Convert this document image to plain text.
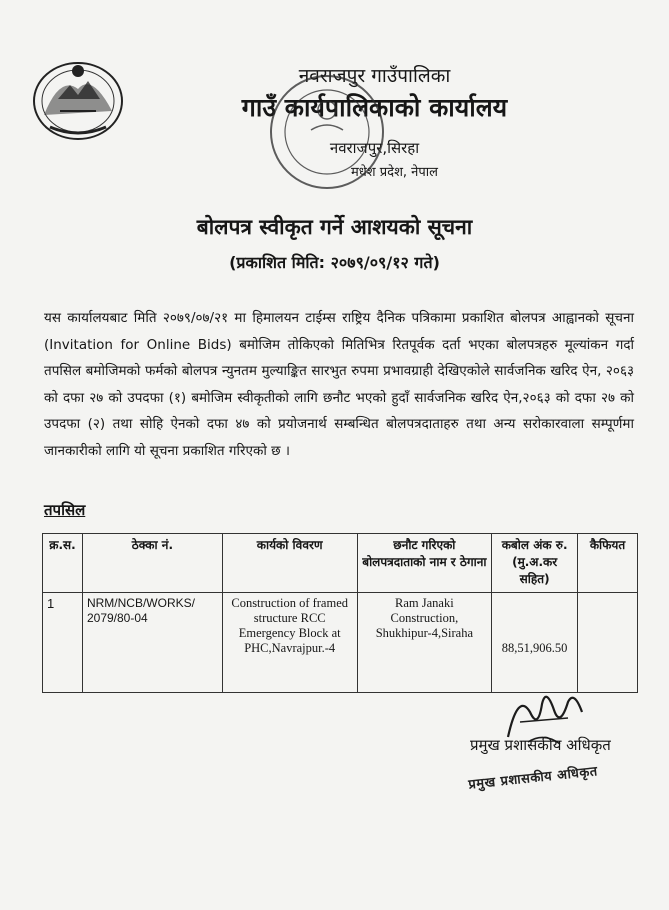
नवराजपुर गाउँपालिका
गाउँ कार्यपालिकाको कार्यालय
नवराजपुर,सिरहा
मधेश प्रदेश, नेपाल
बोलपत्र स्वीकृत गर्ने आशयको सूचना
(प्रकाशित मिति: २०७९/०९/१२ गते)
यस कार्यालयबाट मिति २०७९/०७/२१ मा हिमालयन टाईम्स राष्ट्रिय दैनिक पत्रिकामा प्रकाशित बोलपत्र आह्वानको सूचना (Invitation for Online Bids) बमोजिम तोकिएको मितिभित्र रितपूर्वक दर्ता भएका बोलपत्रहरु मूल्यांकन गर्दा तपसिल बमोजिमको फर्मको बोलपत्र न्युनतम मुल्याङ्कित सारभुत रुपमा प्रभावग्राही देखिएकोले सार्वजनिक खरिद ऐन, २०६३ को दफा २७ को उपदफा (१) बमोजिम स्वीकृतीको लागि छनौट भएको हुदाँ सार्वजनिक खरिद ऐन,२०६३ को दफा २७ को उपदफा (२) तथा सोहि ऐनको दफा ४७ को प्रयोजनार्थ सम्बन्धित बोलपत्रदाताहरु तथा अन्य सरोकारवाला सम्पूर्णमा जानकारीको लागि यो सूचना प्रकाशित गरिएको छ ।
तपसिल
क्र.स.	ठेक्का नं.	कार्यको विवरण	छनौट गरिएको बोलपत्रदाताको नाम र ठेगाना	कबोल अंक रु. (मु.अ.कर सहित)	कैफियत
1	NRM/NCB/WORKS/ 2079/80-04	Construction of framed structure RCC Emergency Block at PHC,Navrajpur.-4	Ram Janaki Construction, Shukhipur-4,Siraha	88,51,906.50	
प्रमुख प्रशासकीय अधिकृत
प्रमुख प्रशासकीय अधिकृत
